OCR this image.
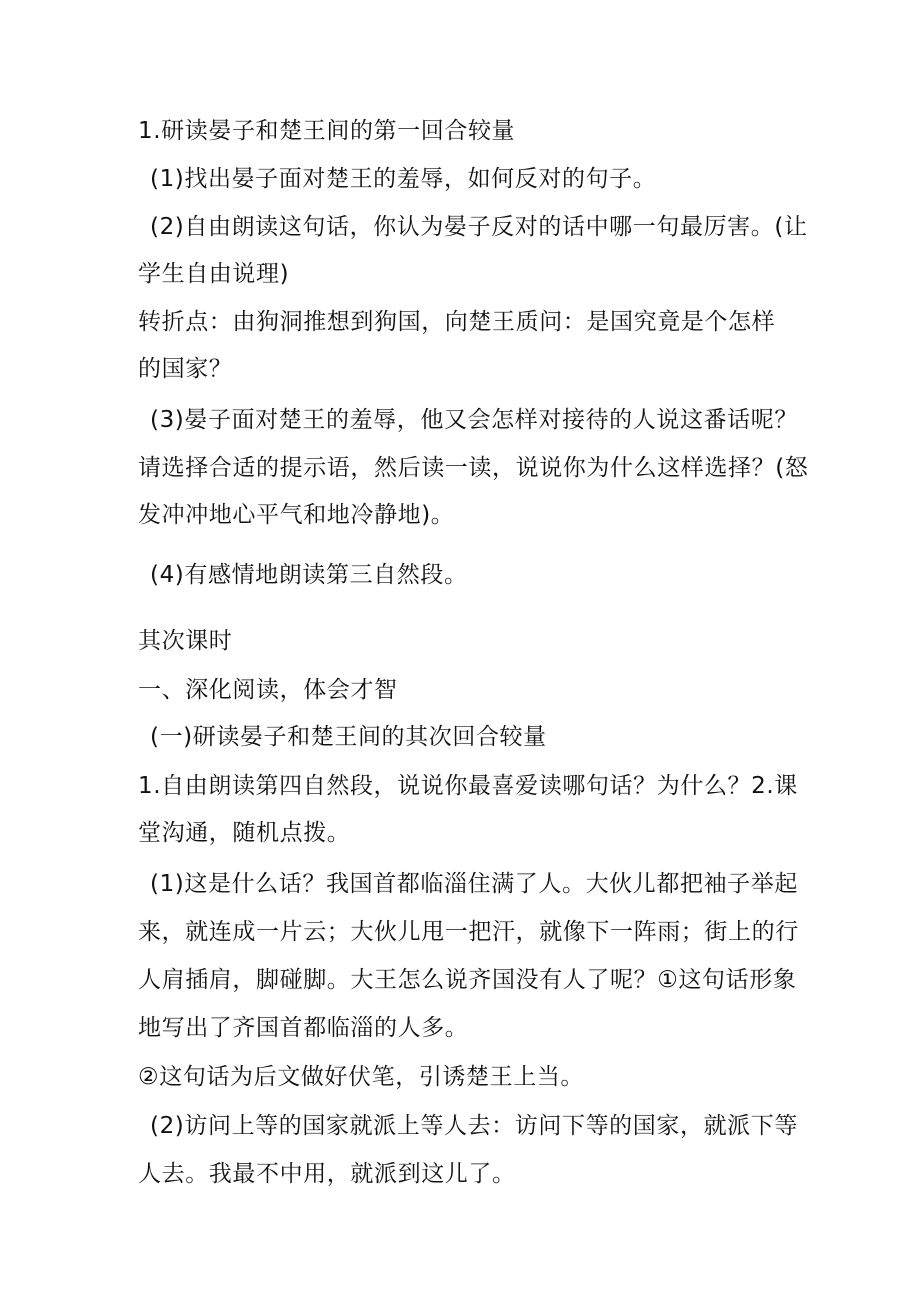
1.研读晏子和楚王间的第一回合较量
(1)找出晏子面对楚王的羞辱，如何反对的句子。
(2)自由朗读这句话，你认为晏子反对的话中哪一句最厉害。(让
学生自由说理)
转折点：由狗洞推想到狗国，向楚王质问：是国究竟是个怎样
的国家？
(3)晏子面对楚王的羞辱，他又会怎样对接待的人说这番话呢？
请选择合适的提示语，然后读一读，说说你为什么这样选择？(怒
发冲冲地心平气和地冷静地)。
(4)有感情地朗读第三自然段。
其次课时
一、深化阅读，体会才智
(一)研读晏子和楚王间的其次回合较量
1.自由朗读第四自然段，说说你最喜爱读哪句话？为什么？2.课
堂沟通，随机点拨。
(1)这是什么话？我国首都临淄住满了人。大伙儿都把袖子举起
来，就连成一片云；大伙儿甩一把汗，就像下一阵雨；街上的行
人肩插肩，脚碰脚。大王怎么说齐国没有人了呢？①这句话形象
地写出了齐国首都临淄的人多。
②这句话为后文做好伏笔，引诱楚王上当。
(2)访问上等的国家就派上等人去：访问下等的国家，就派下等
人去。我最不中用，就派到这儿了。
